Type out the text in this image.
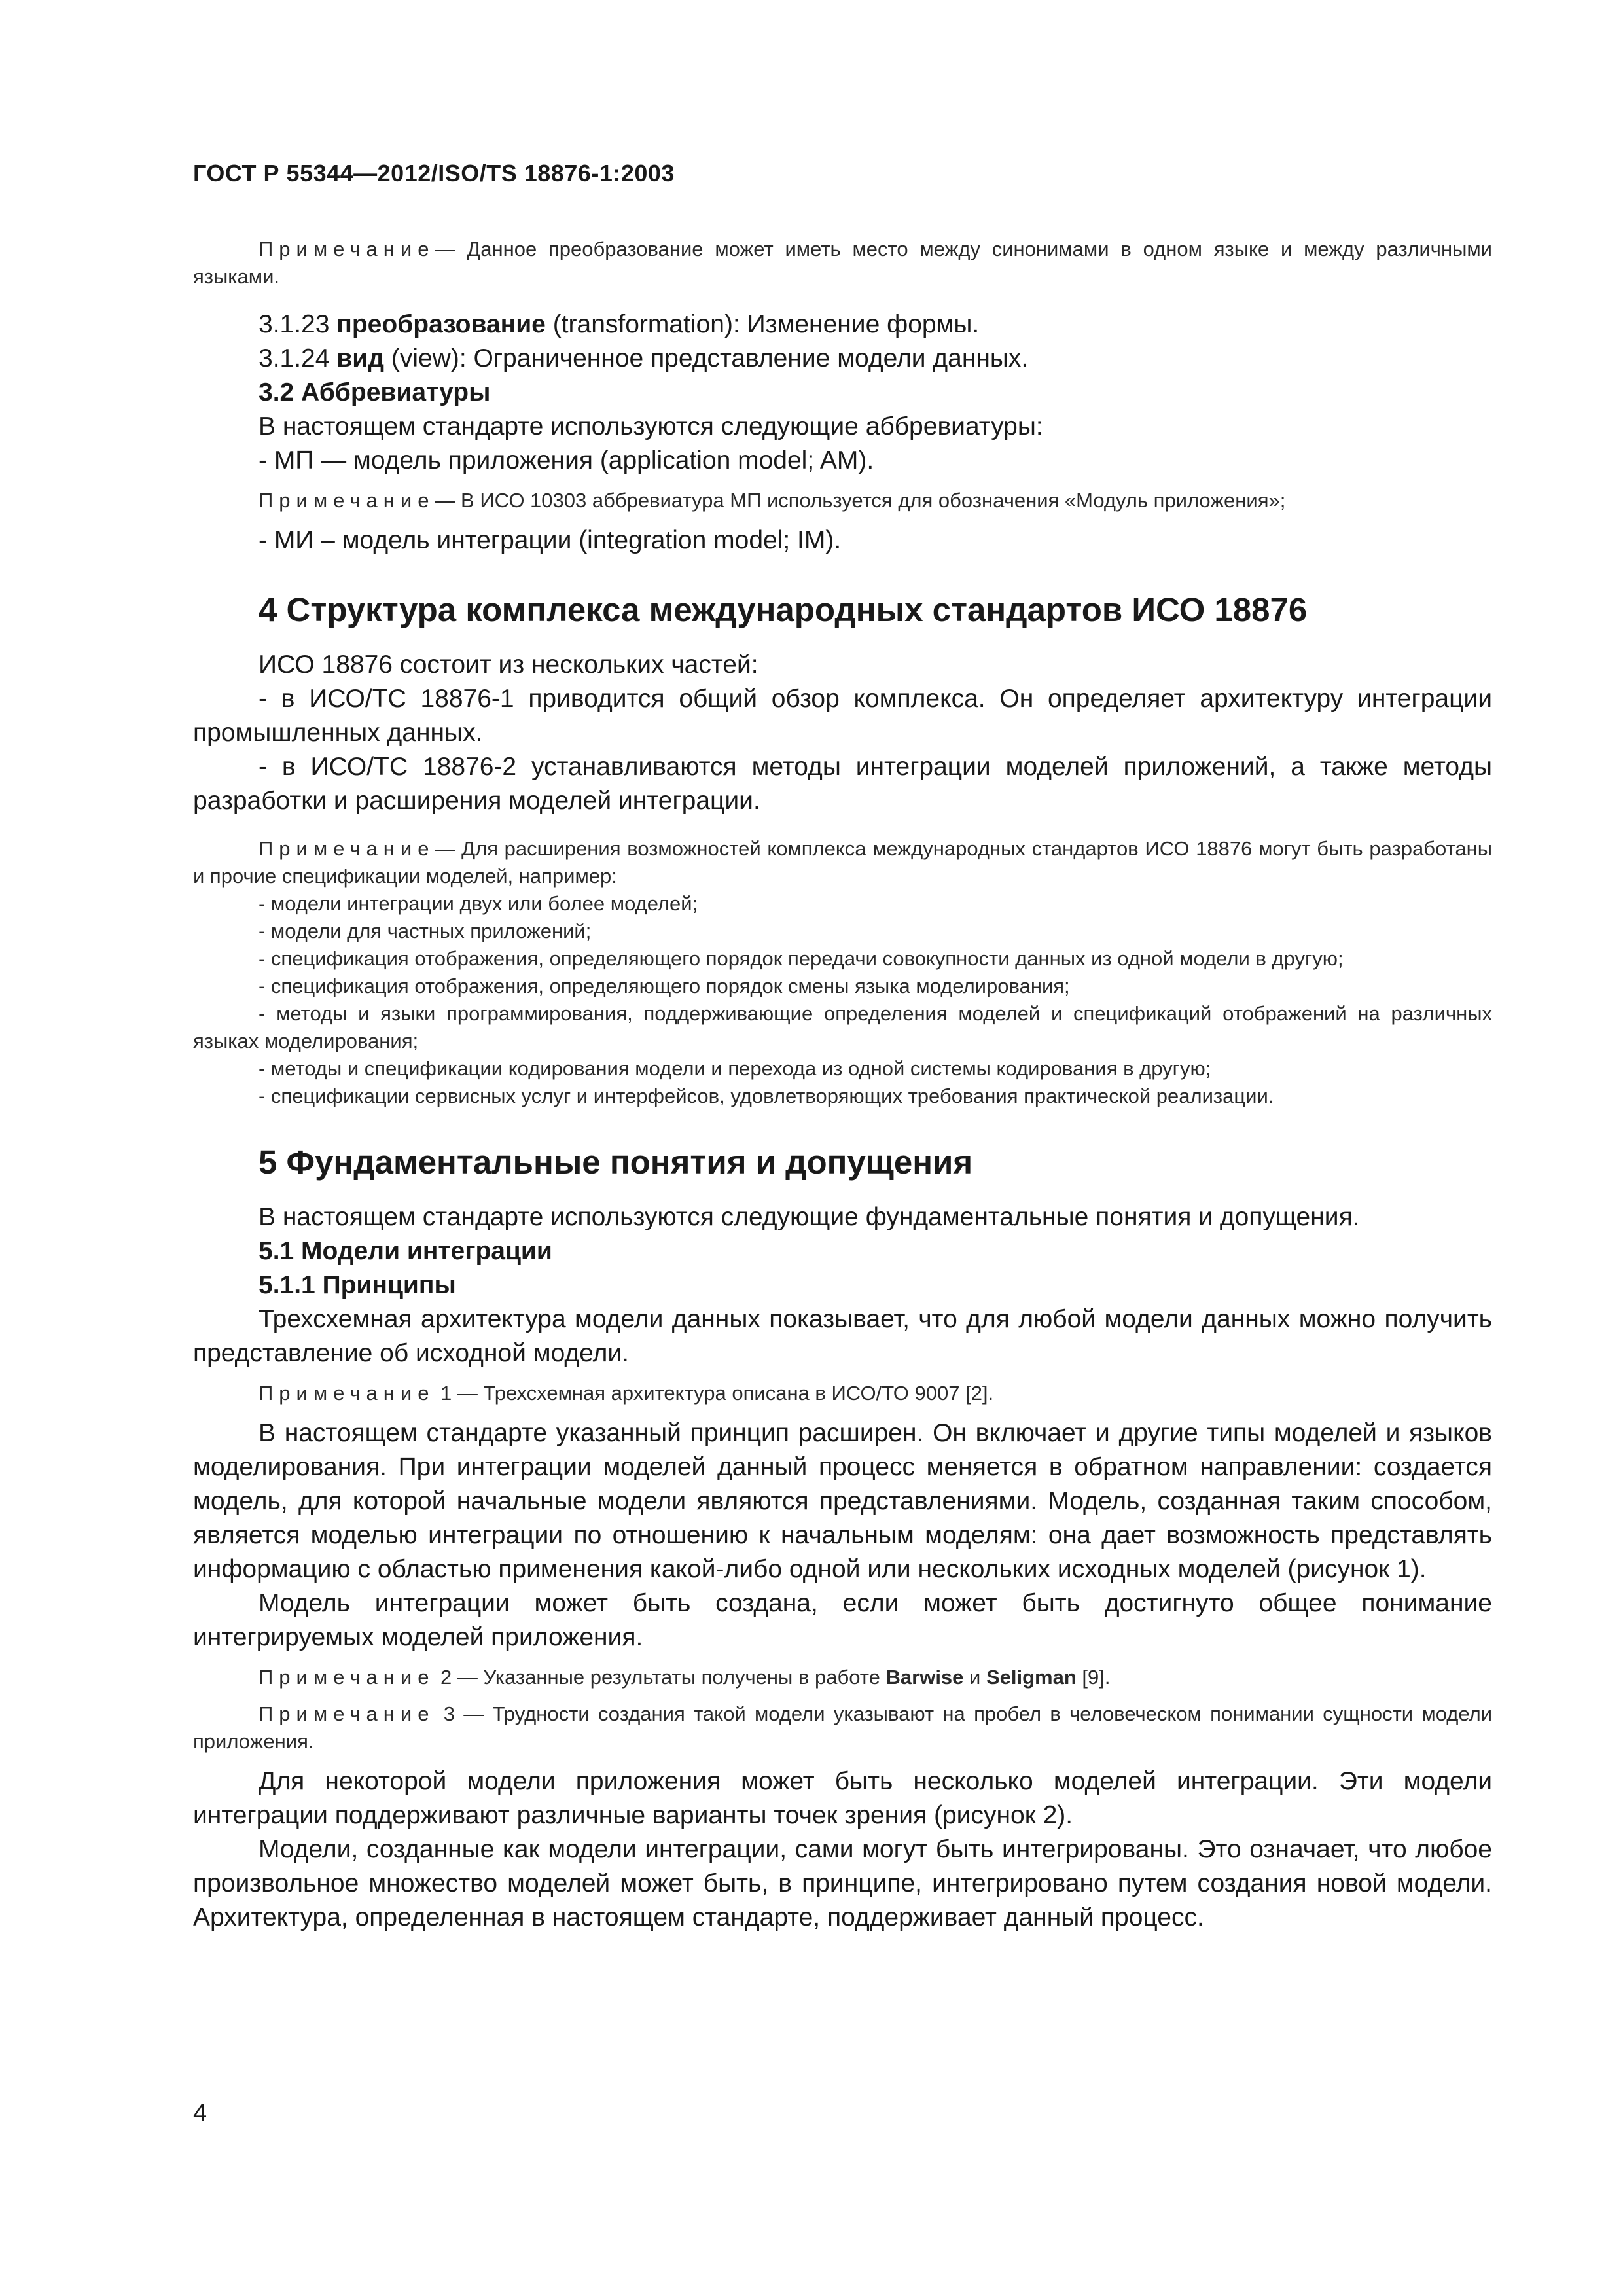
ГОСТ Р 55344—2012/ISO/TS 18876-1:2003

Примечание— Данное преобразование может иметь место между синонимами в одном языке и между различными языками.

3.1.23 преобразование (transformation): Изменение формы.

3.1.24 вид (view): Ограниченное представление модели данных.

3.2 Аббревиатуры

В настоящем стандарте используются следующие аббревиатуры:

- МП — модель приложения (application model; AM).

Примечание— В ИСО 10303 аббревиатура МП используется для обозначения «Модуль приложения»;

- МИ – модель интеграции (integration model; IM).

4 Структура комплекса международных стандартов ИСО 18876

ИСО 18876 состоит из нескольких частей:

- в ИСО/ТС 18876-1 приводится общий обзор комплекса. Он определяет архитектуру интеграции промышленных данных.

- в ИСО/ТС 18876-2 устанавливаются методы интеграции моделей приложений, а также методы разработки и расширения моделей интеграции.

Примечание— Для расширения возможностей комплекса международных стандартов ИСО 18876 могут быть разработаны и прочие спецификации моделей, например:

- модели интеграции двух или более моделей;

- модели для частных приложений;

- спецификация отображения, определяющего порядок передачи совокупности данных из одной модели в другую;

- спецификация отображения, определяющего порядок смены языка моделирования;

- методы и языки программирования, поддерживающие определения моделей и спецификаций отображений на различных языках моделирования;

- методы и спецификации кодирования модели и перехода из одной системы кодирования в другую;

- спецификации сервисных услуг и интерфейсов, удовлетворяющих требования практической реализации.

5 Фундаментальные понятия и допущения

В настоящем стандарте используются следующие фундаментальные понятия и допущения.

5.1 Модели интеграции

5.1.1 Принципы

Трехсхемная архитектура модели данных показывает, что для любой модели данных можно получить представление об исходной модели.

Примечание 1 — Трехсхемная архитектура описана в ИСО/ТО 9007 [2].

В настоящем стандарте указанный принцип расширен. Он включает и другие типы моделей и языков моделирования. При интеграции моделей данный процесс меняется в обратном направлении: создается модель, для которой начальные модели являются представлениями. Модель, созданная таким способом, является моделью интеграции по отношению к начальным моделям: она дает возможность представлять информацию с областью применения какой-либо одной или нескольких исходных моделей (рисунок 1).

Модель интеграции может быть создана, если может быть достигнуто общее понимание интегрируемых моделей приложения.

Примечание 2 — Указанные результаты получены в работе Barwise и Seligman [9].

Примечание 3 — Трудности создания такой модели указывают на пробел в человеческом понимании сущности модели приложения.

Для некоторой модели приложения может быть несколько моделей интеграции. Эти модели интеграции поддерживают различные варианты точек зрения (рисунок 2).

Модели, созданные как модели интеграции, сами могут быть интегрированы. Это означает, что любое произвольное множество моделей может быть, в принципе, интегрировано путем создания новой модели. Архитектура, определенная в настоящем стандарте, поддерживает данный процесс.

4
